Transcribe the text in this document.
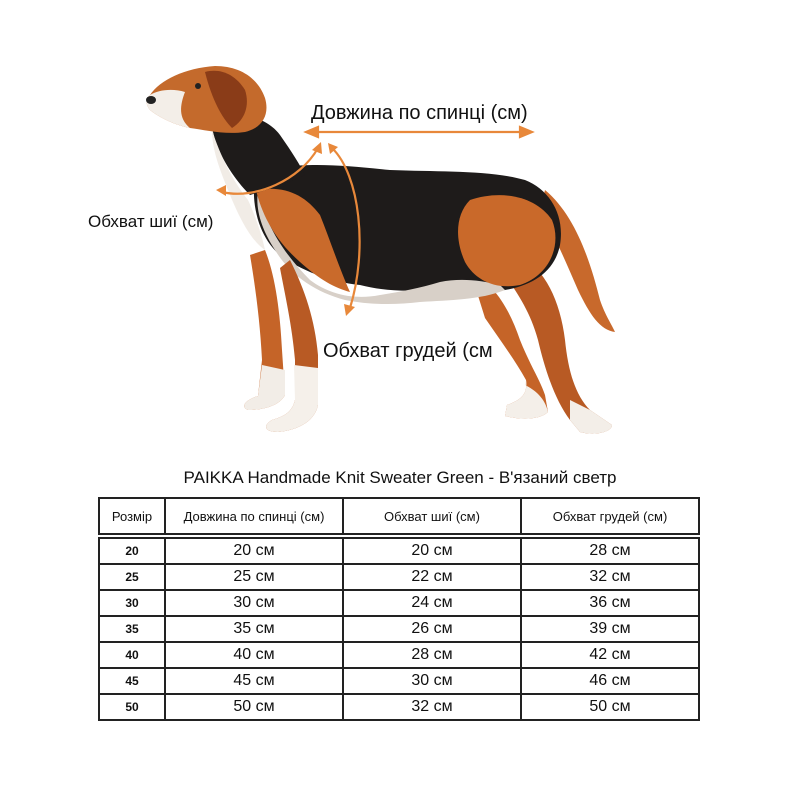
Довжина по спинці (см)
Обхват шиї (см)
Обхват грудей (см
PAIKKA Handmade Knit Sweater Green - В'язаний светр
Розмір	Довжина по спинці (см)	Обхват шиї (см)	Обхват грудей (см)

20	20 см	20 см	28 см
25	25 см	22 см	32 см
30	30 см	24 см	36 см
35	35 см	26 см	39 см
40	40 см	28 см	42 см
45	45 см	30 см	46 см
50	50 см	32 см	50 см
